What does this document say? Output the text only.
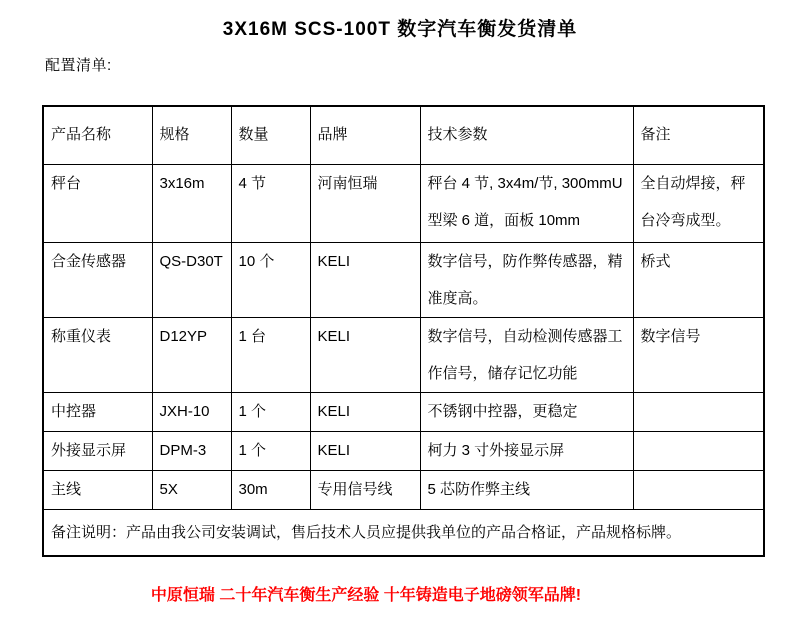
3X16M SCS-100T 数字汽车衡发货清单
配置清单:
产品名称	规格	数量	品牌	技术参数	备注
秤台	3x16m	4 节	河南恒瑞	秤台 4 节, 3x4m/节, 300mmU 型梁 6 道，面板 10mm	全自动焊接，秤台冷弯成型。
合金传感器	QS-D30T	10 个	KELI	数字信号，防作弊传感器，精准度高。	桥式
称重仪表	D12YP	1 台	KELI	数字信号，自动检测传感器工作信号，储存记忆功能	数字信号
中控器	JXH-10	1 个	KELI	不锈钢中控器，更稳定	
外接显示屏	DPM-3	1 个	KELI	柯力 3 寸外接显示屏	
主线	5X	30m	专用信号线	5 芯防作弊主线	
备注说明：产品由我公司安装调试，售后技术人员应提供我单位的产品合格证，产品规格标牌。					
中原恒瑞 二十年汽车衡生产经验 十年铸造电子地磅领军品牌!
